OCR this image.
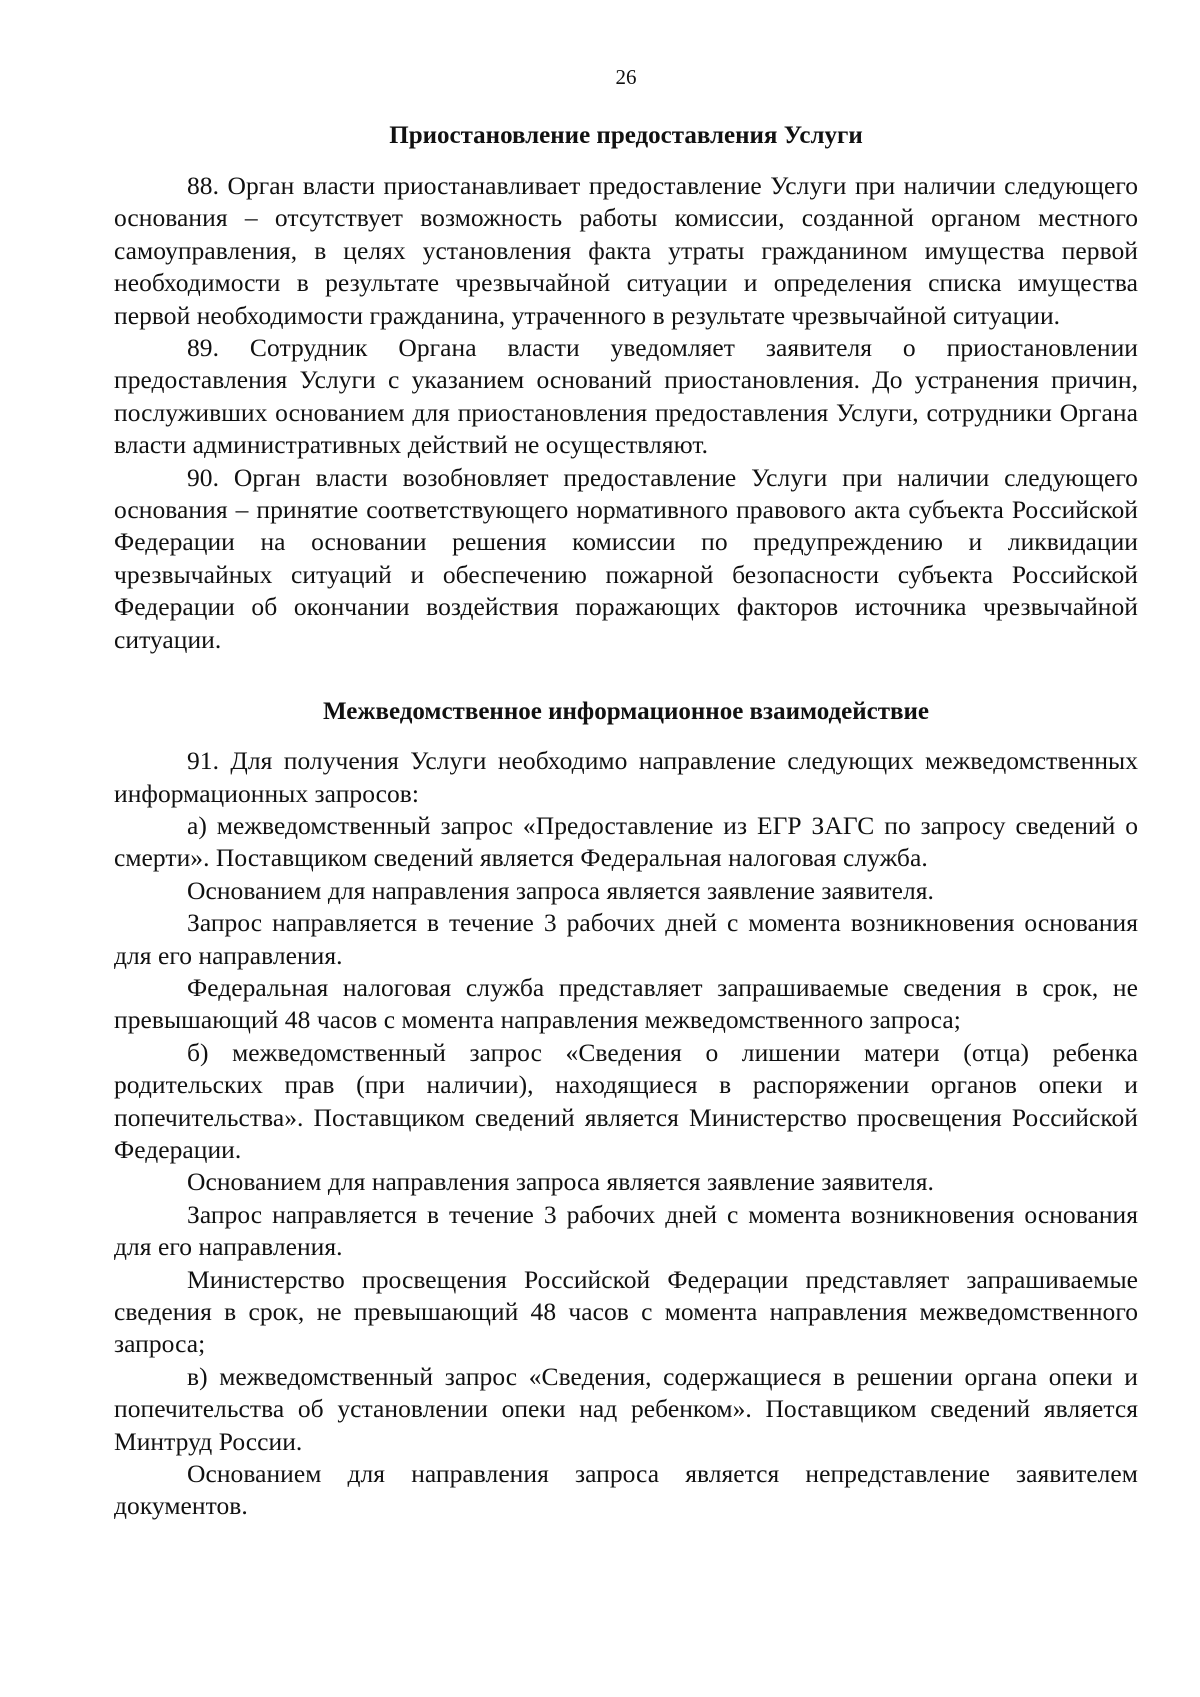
26
Приостановление предоставления Услуги

88. Орган власти приостанавливает предоставление Услуги при наличии следующего основания – отсутствует возможность работы комиссии, созданной органом местного самоуправления, в целях установления факта утраты гражданином имущества первой необходимости в результате чрезвычайной ситуации и определения списка имущества первой необходимости гражданина, утраченного в результате чрезвычайной ситуации.

89. Сотрудник Органа власти уведомляет заявителя о приостановлении предоставления Услуги с указанием оснований приостановления. До устранения причин, послуживших основанием для приостановления предоставления Услуги, сотрудники Органа власти административных действий не осуществляют.

90. Орган власти возобновляет предоставление Услуги при наличии следующего основания – принятие соответствующего нормативного правового акта субъекта Российской Федерации на основании решения комиссии по предупреждению и ликвидации чрезвычайных ситуаций и обеспечению пожарной безопасности субъекта Российской Федерации об окончании воздействия поражающих факторов источника чрезвычайной ситуации.

Межведомственное информационное взаимодействие

91. Для получения Услуги необходимо направление следующих межведомственных информационных запросов:

а) межведомственный запрос «Предоставление из ЕГР ЗАГС по запросу сведений о смерти». Поставщиком сведений является Федеральная налоговая служба.

Основанием для направления запроса является заявление заявителя.

Запрос направляется в течение 3 рабочих дней с момента возникновения основания для его направления.

Федеральная налоговая служба представляет запрашиваемые сведения в срок, не превышающий 48 часов с момента направления межведомственного запроса;

б) межведомственный запрос «Сведения о лишении матери (отца) ребенка родительских прав (при наличии), находящиеся в распоряжении органов опеки и попечительства». Поставщиком сведений является Министерство просвещения Российской Федерации.

Основанием для направления запроса является заявление заявителя.

Запрос направляется в течение 3 рабочих дней с момента возникновения основания для его направления.

Министерство просвещения Российской Федерации представляет запрашиваемые сведения в срок, не превышающий 48 часов с момента направления межведомственного запроса;

в) межведомственный запрос «Сведения, содержащиеся в решении органа опеки и попечительства об установлении опеки над ребенком». Поставщиком сведений является Минтруд России.

Основанием для направления запроса является непредставление заявителем документов.
